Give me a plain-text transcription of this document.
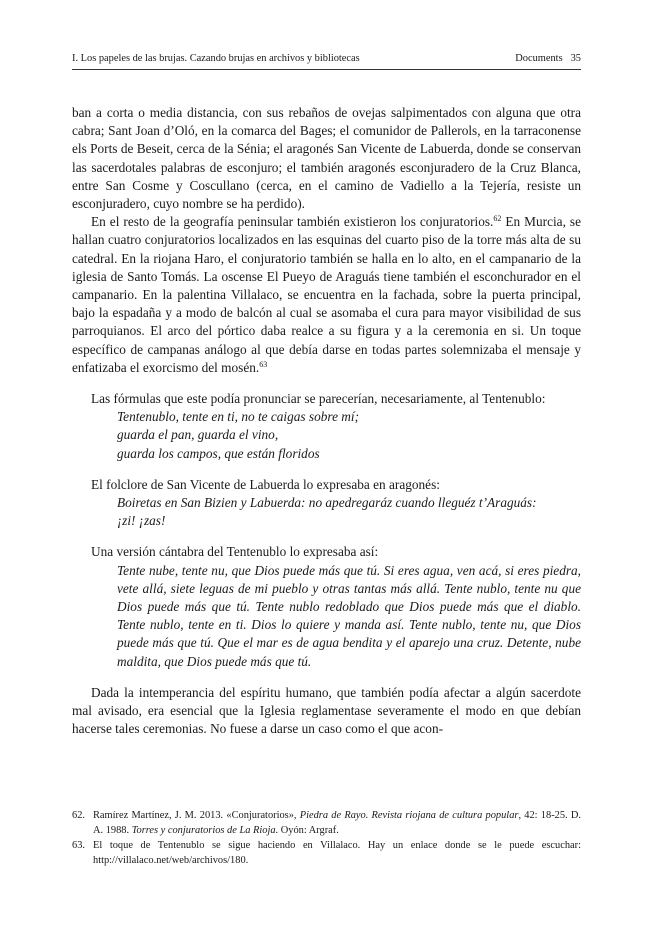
I. Los papeles de las brujas. Cazando brujas en archivos y bibliotecas	Documents 35

ban a corta o media distancia, con sus rebaños de ovejas salpimentados con alguna que otra cabra; Sant Joan d’Oló, en la comarca del Bages; el comunidor de Pallerols, en la tarraconense els Ports de Beseit, cerca de la Sénia; el aragonés San Vicente de Labuerda, donde se conservan las sacerdotales palabras de esconjuro; el también aragonés esconjuradero de la Cruz Blanca, entre San Cosme y Coscullano (cerca, en el camino de Vadiello a la Tejería, resiste un esconjuradero, cuyo nombre se ha perdido).

En el resto de la geografía peninsular también existieron los conjuratorios.$^{62}$ En Murcia, se hallan cuatro conjuratorios localizados en las esquinas del cuarto piso de la torre más alta de su catedral. En la riojana Haro, el conjuratorio también se halla en lo alto, en el campanario de la iglesia de Santo Tomás. La oscense El Pueyo de Araguás tiene también el esconchurador en el campanario. En la palentina Villalaco, se encuentra en la fachada, sobre la puerta principal, bajo la espadaña y a modo de balcón al cual se asomaba el cura para mayor visibilidad de sus parroquianos. El arco del pórtico daba realce a su figura y a la ceremonia en si. Un toque específico de campanas análogo al que debía darse en todas partes solemnizaba el mensaje y enfatizaba el exorcismo del mosén.$^{63}$

Las fórmulas que este podía pronunciar se parecerían, necesariamente, al Tentenublo:

Tentenublo, tente en ti, no te caigas sobre mí;
guarda el pan, guarda el vino,
guarda los campos, que están floridos

El folclore de San Vicente de Labuerda lo expresaba en aragonés:

Boiretas en San Bizien y Labuerda: no apedregaráz cuando lleguéz t’Araguás:
¡zi! ¡zas!

Una versión cántabra del Tentenublo lo expresaba así:

Tente nube, tente nu, que Dios puede más que tú. Si eres agua, ven acá, si eres piedra, vete allá, siete leguas de mi pueblo y otras tantas más allá. Tente nublo, tente nu que Dios puede más que tú. Tente nublo redoblado que Dios puede más que el diablo. Tente nublo, tente en ti. Dios lo quiere y manda así. Tente nublo, tente nu, que Dios puede más que tú. Que el mar es de agua bendita y el aparejo una cruz. Detente, nube maldita, que Dios puede más que tú.

Dada la intemperancia del espíritu humano, que también podía afectar a algún sacerdote mal avisado, era esencial que la Iglesia reglamentase severamente el modo en que debían hacerse tales ceremonias. No fuese a darse un caso como el que acon-

62. Ramírez Martínez, J. M. 2013. «Conjuratorios», Piedra de Rayo. Revista riojana de cultura popular, 42: 18-25. D. A. 1988. Torres y conjuratorios de La Rioja. Oyón: Argraf.

63. El toque de Tentenublo se sigue haciendo en Villalaco. Hay un enlace donde se le puede escuchar: http://villalaco.net/web/archivos/180.
